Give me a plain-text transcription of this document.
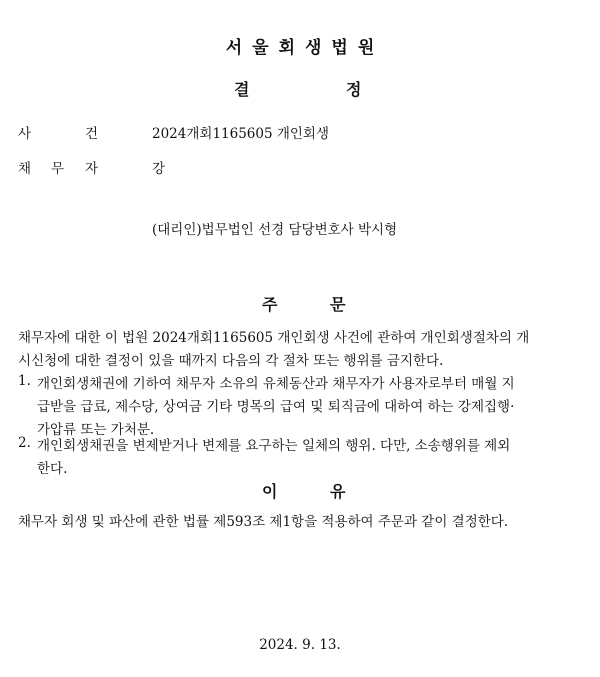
서울회생법원
결	정
사	건	2024개회1165605 개인회생
채 무 자	강
(대리인)법무법인 선경 담당변호사 박시형
주	문
채무자에 대한 이 법원 2024개회1165605 개인회생 사건에 관하여 개인회생절차의 개
시신청에 대한 결정이 있을 때까지 다음의 각 절차 또는 행위를 금지한다.
1. 개인회생채권에 기하여 채무자 소유의 유체동산과 채무자가 사용자로부터 매월 지
급받을 급료, 제수당, 상여금 기타 명목의 급여 및 퇴직금에 대하여 하는 강제집행·
가압류 또는 가처분.
2. 개인회생채권을 변제받거나 변제를 요구하는 일체의 행위. 다만, 소송행위를 제외
한다.
이	유
채무자 회생 및 파산에 관한 법률 제593조 제1항을 적용하여 주문과 같이 결정한다.
2024. 9. 13.
